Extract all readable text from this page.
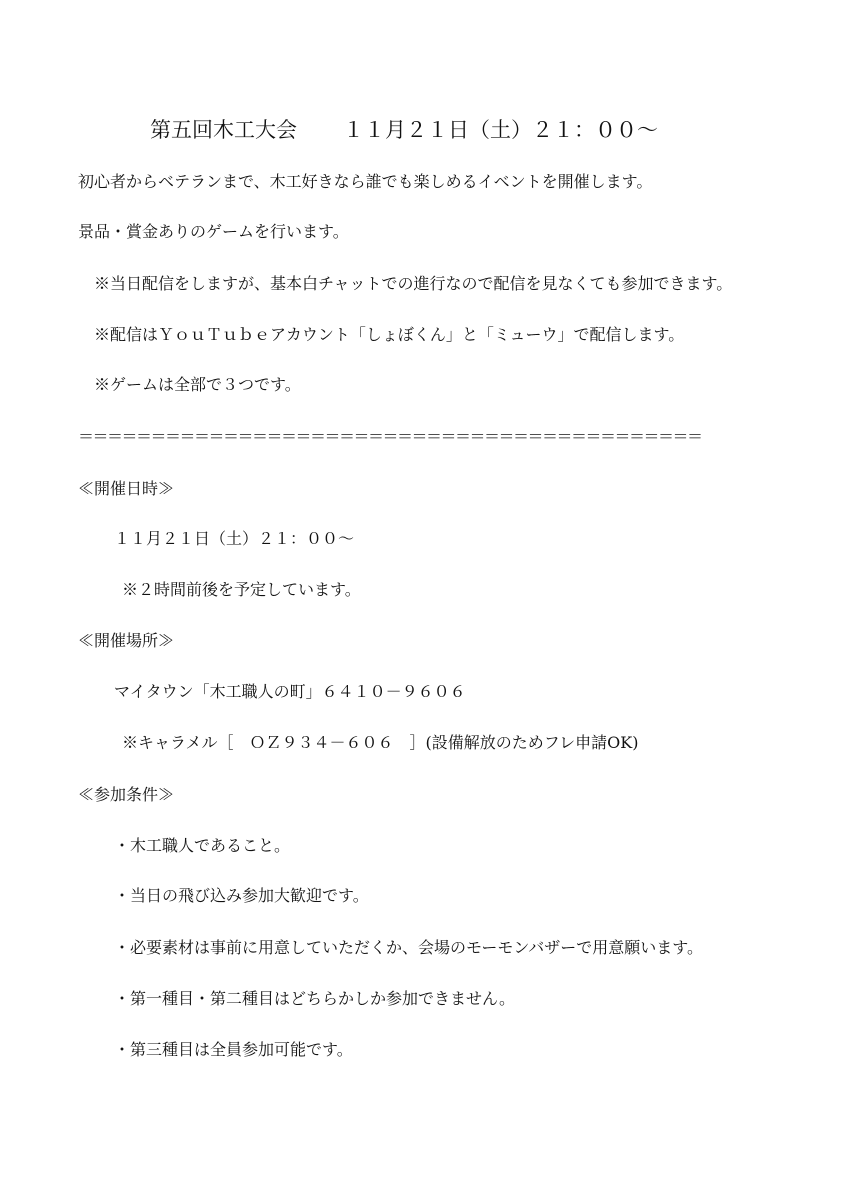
第五回木工大会 １１月２１日（土）２１：００〜
初心者からベテランまで、木工好きなら誰でも楽しめるイベントを開催します。
景品・賞金ありのゲームを行います。
※当日配信をしますが、基本白チャットでの進行なので配信を見なくても参加できます。
※配信はＹｏｕＴｕｂｅアカウント「しょぼくん」と「ミューウ」で配信します。
※ゲームは全部で３つです。
＝＝＝＝＝＝＝＝＝＝＝＝＝＝＝＝＝＝＝＝＝＝＝＝＝＝＝＝＝＝＝＝＝＝＝＝＝＝＝＝＝＝＝
≪開催日時≫
１１月２１日（土）２１：００〜
※２時間前後を予定しています。
≪開催場所≫
マイタウン「木工職人の町」６４１０－９６０６
※キャラメル［　ＯＺ９３４－６０６　］(設備解放のためフレ申請OK)
≪参加条件≫
・木工職人であること。
・当日の飛び込み参加大歓迎です。
・必要素材は事前に用意していただくか、会場のモーモンバザーで用意願います。
・第一種目・第二種目はどちらかしか参加できません。
・第三種目は全員参加可能です。
